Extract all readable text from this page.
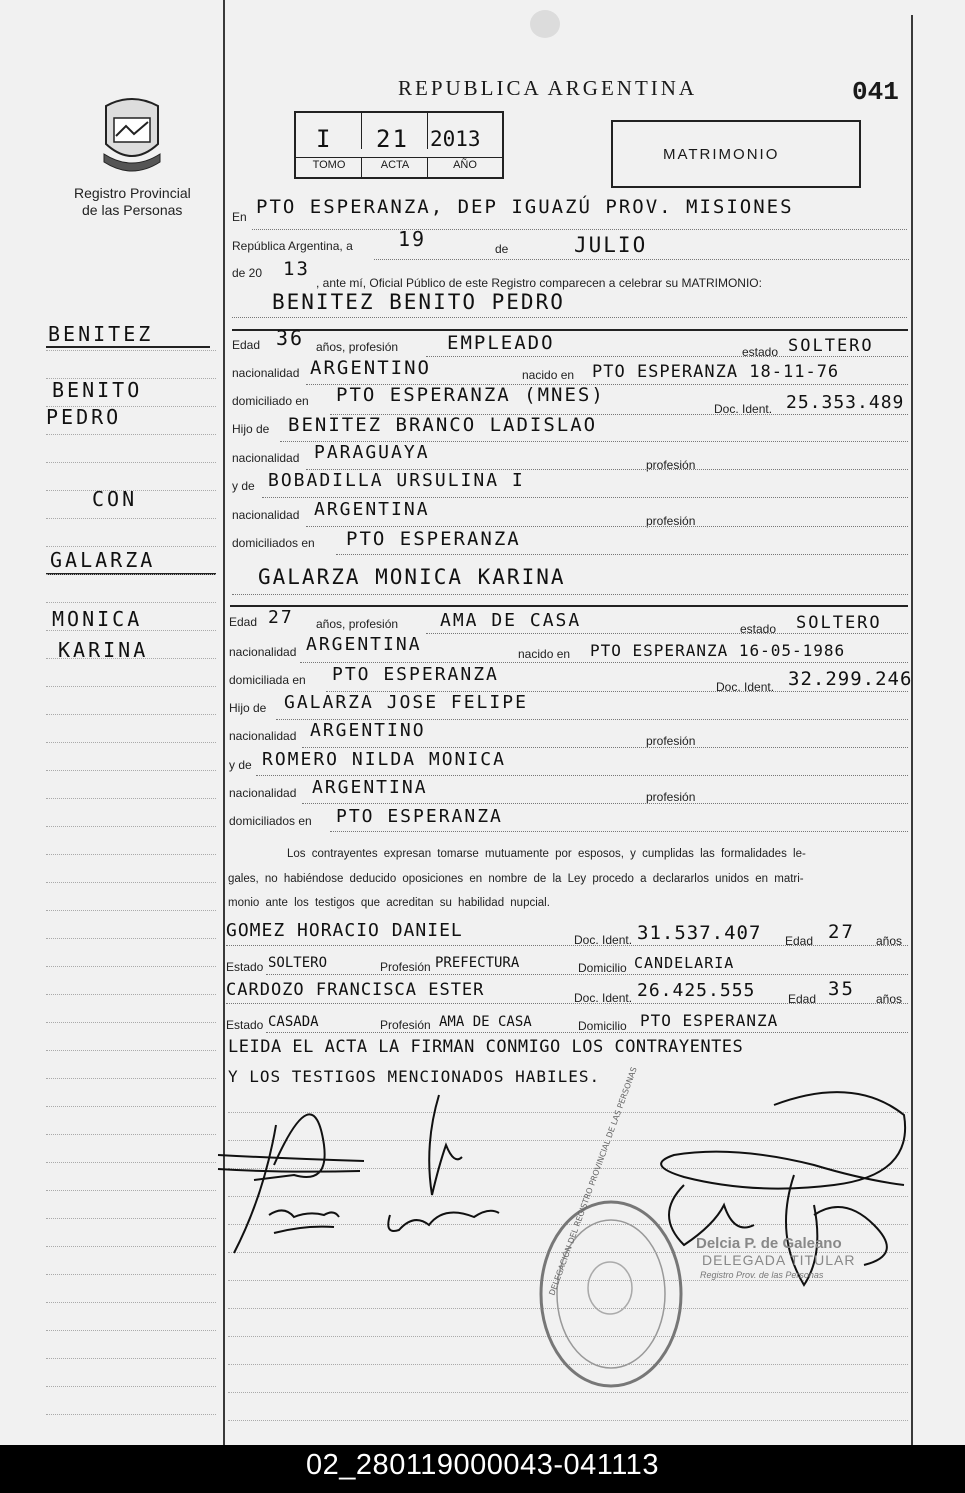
Registro Provincial
de las Personas
REPUBLICA ARGENTINA	041
I 21 2013
TOMO	ACTA	AÑO
MATRIMONIO
BENITEZ
BENITO
PEDRO
CON
GALARZA
MONICA
KARINA
En PTO ESPERANZA, DEP IGUAZÚ PROV. MISIONES
República Argentina, a 19	de	JULIO
de 20 13
, ante mí, Oficial Público de este Registro comparecen a celebrar su MATRIMONIO:
BENITEZ BENITO PEDRO
Edad 36 años, profesión	EMPLEADO	estado SOLTERO
nacionalidad ARGENTINO	nacido en PTO ESPERANZA 18-11-76
domiciliado en PTO ESPERANZA (MNES)
Doc. Ident. 25.353.489
Hijo de BENITEZ BRANCO LADISLAO
nacionalidad PARAGUAYA
profesión
y de BOBADILLA URSULINA I
nacionalidad ARGENTINA
profesión
domiciliados en PTO ESPERANZA
GALARZA MONICA KARINA
Edad 27 años, profesión AMA DE CASA	estado SOLTERO
nacionalidad ARGENTINA	nacido en PTO ESPERANZA 16-05-1986
domiciliada en PTO ESPERANZA
Doc. Ident. 32.299.246
Hijo de GALARZA JOSE FELIPE
nacionalidad ARGENTINO	profesión
y de ROMERO NILDA MONICA
nacionalidad ARGENTINA	profesión
domiciliados en PTO ESPERANZA
Los contrayentes expresan tomarse mutuamente por esposos, y cumplidas las formalidades le-
gales, no habiéndose deducido oposiciones en nombre de la Ley procedo a declararlos unidos en matri-
monio ante los testigos que acreditan su habilidad nupcial.
GOMEZ HORACIO DANIEL	Doc. Ident. 31.537.407 Edad 27 años
Estado SOLTERO	Profesión PREFECTURA	Domicilio CANDELARIA
CARDOZO FRANCISCA ESTER	Doc. Ident. 26.425.555	Edad 35 años
Estado CASADA	Profesión AMA DE CASA	Domicilio PTO ESPERANZA
LEIDA EL ACTA LA FIRMAN CONMIGO LOS CONTRAYENTES
Y LOS TESTIGOS MENCIONADOS HABILES.
Delcia P. de Galeano
DELEGADA TITULAR
Registro Prov. de las Personas
DELEGACIÓN DEL REGISTRO PROVINCIAL DE LAS PERSONAS
02_280119000043-041113
